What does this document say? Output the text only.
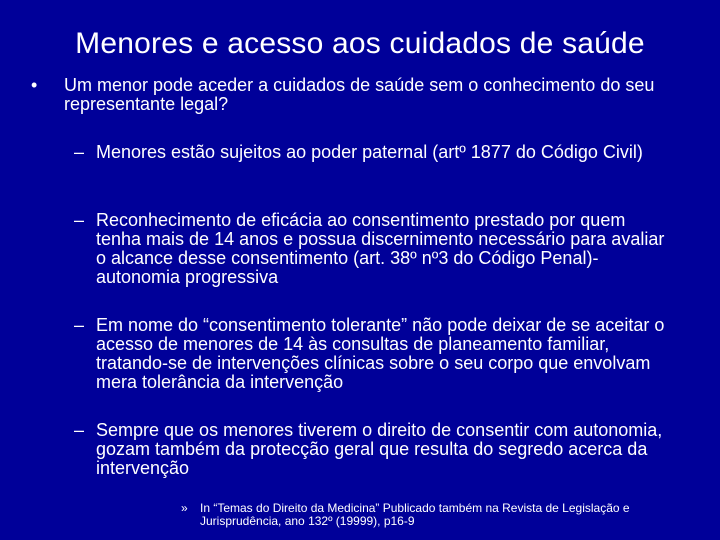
Menores e acesso aos cuidados de saúde
• Um menor pode aceder a cuidados de saúde sem o conhecimento do seu representante legal?
– Menores estão sujeitos ao poder paternal (artº 1877 do Código Civil)
– Reconhecimento de eficácia ao consentimento prestado por quem tenha mais de 14 anos e possua discernimento necessário para avaliar o alcance desse consentimento (art. 38º nº3 do Código Penal)-autonomia progressiva
– Em nome do “consentimento tolerante” não pode deixar de se aceitar o acesso de menores de 14 às consultas de planeamento familiar, tratando-se de intervenções clínicas sobre o seu corpo que envolvam mera tolerância da intervenção
– Sempre que os menores tiverem o direito de consentir com autonomia, gozam também da protecção geral que resulta do segredo acerca da intervenção
» In “Temas do Direito da Medicina” Publicado também na Revista de Legislação e Jurisprudência, ano 132º (19999), p16-9
